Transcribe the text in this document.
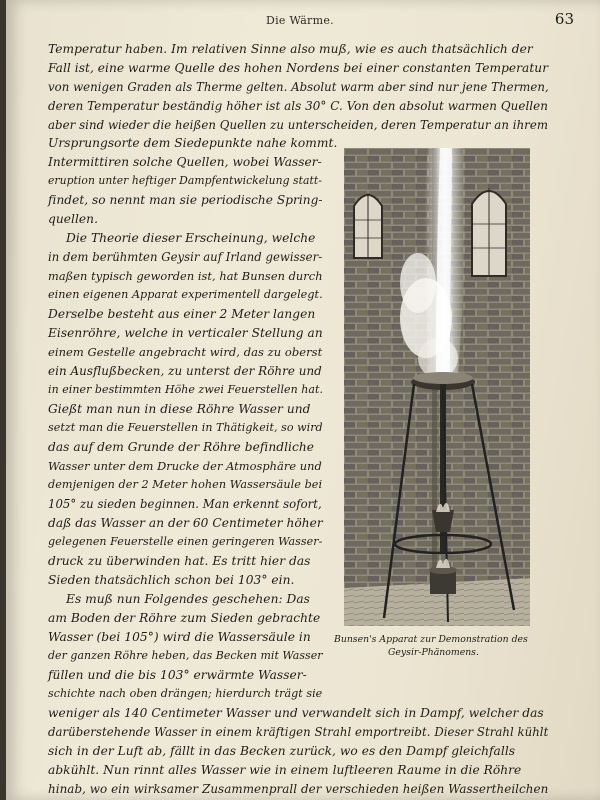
Die Wärme.	63
Temperatur haben. Im relativen Sinne also muß, wie es auch thatsächlich der
Fall ist, eine warme Quelle des hohen Nordens bei einer constanten Temperatur
von wenigen Graden als Therme gelten. Absolut warm aber sind nur jene Thermen,
deren Temperatur beständig höher ist als 30° C. Von den absolut warmen Quellen
aber sind wieder die heißen Quellen zu unterscheiden, deren Temperatur an ihrem
Ursprungsorte dem Siedepunkte nahe kommt.
Intermittiren solche Quellen, wobei Wasser-
eruption unter heftiger Dampfentwickelung statt-
findet, so nennt man sie periodische Spring-
quellen.
Die Theorie dieser Erscheinung, welche
in dem berühmten Geysir auf Irland gewisser-
maßen typisch geworden ist, hat Bunsen durch
einen eigenen Apparat experimentell dargelegt.
Derselbe besteht aus einer 2 Meter langen
Eisenröhre, welche in verticaler Stellung an
einem Gestelle angebracht wird, das zu oberst
ein Ausflußbecken, zu unterst der Röhre und
in einer bestimmten Höhe zwei Feuerstellen hat.
Gießt man nun in diese Röhre Wasser und
setzt man die Feuerstellen in Thätigkeit, so wird
das auf dem Grunde der Röhre befindliche
Wasser unter dem Drucke der Atmosphäre und
demjenigen der 2 Meter hohen Wassersäule bei
105° zu sieden beginnen. Man erkennt sofort,
daß das Wasser an der 60 Centimeter höher
gelegenen Feuerstelle einen geringeren Wasser-
druck zu überwinden hat. Es tritt hier das
Sieden thatsächlich schon bei 103° ein.
Es muß nun Folgendes geschehen: Das
am Boden der Röhre zum Sieden gebrachte
Wasser (bei 105°) wird die Wassersäule in
der ganzen Röhre heben, das Becken mit Wasser
füllen und die bis 103° erwärmte Wasser-
schichte nach oben drängen; hierdurch trägt sie
weniger als 140 Centimeter Wasser und verwandelt sich in Dampf, welcher das
darüberstehende Wasser in einem kräftigen Strahl emportreibt. Dieser Strahl kühlt
sich in der Luft ab, fällt in das Becken zurück, wo es den Dampf gleichfalls
abkühlt. Nun rinnt alles Wasser wie in einem luftleeren Raume in die Röhre
hinab, wo ein wirksamer Zusammenprall der verschieden heißen Wassertheilchen
Bunsen's Apparat zur Demonstration des
Geysir-Phänomens.
